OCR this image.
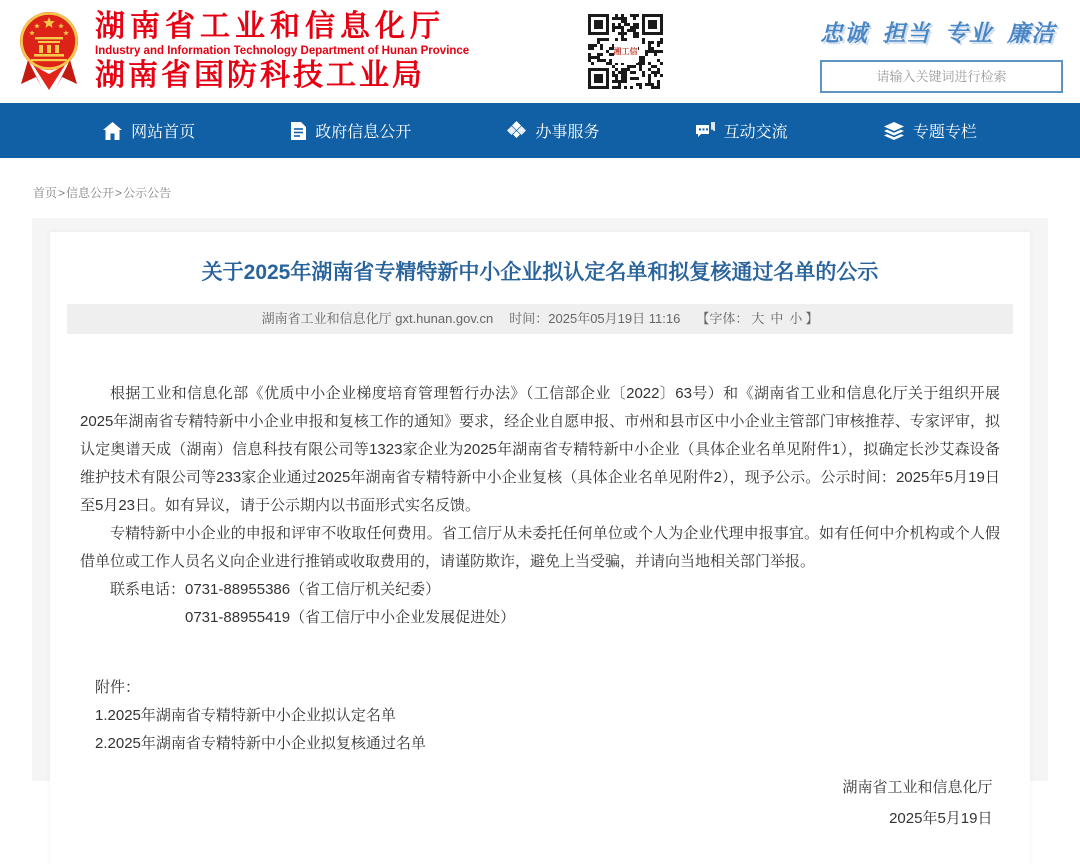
湖南省工业和信息化厅
Industry and Information Technology Department of Hunan Province
湖南省国防科技工业局
湘工信
忠诚 担当 专业 廉洁
请输入关键词进行检索
网站首页	政府信息公开	办事服务	互动交流	专题专栏
首页>信息公开>公示公告
关于2025年湖南省专精特新中小企业拟认定名单和拟复核通过名单的公示
湖南省工业和信息化厅 gxt.hunan.gov.cn 时间：2025年05月19日 11:16 【字体： 大 中 小 】

根据工业和信息化部《优质中小企业梯度培育管理暂行办法》（工信部企业〔2022〕63号）和《湖南省工业和信息化厅关于组织开展2025年湖南省专精特新中小企业申报和复核工作的通知》要求，经企业自愿申报、市州和县市区中小企业主管部门审核推荐、专家评审，拟认定奥谱天成（湖南）信息科技有限公司等1323家企业为2025年湖南省专精特新中小企业（具体企业名单见附件1），拟确定长沙艾森设备维护技术有限公司等233家企业通过2025年湖南省专精特新中小企业复核（具体企业名单见附件2），现予公示。公示时间：2025年5月19日至5月23日。如有异议，请于公示期内以书面形式实名反馈。

专精特新中小企业的申报和评审不收取任何费用。省工信厅从未委托任何单位或个人为企业代理申报事宜。如有任何中介机构或个人假借单位或工作人员名义向企业进行推销或收取费用的，请谨防欺诈，避免上当受骗，并请向当地相关部门举报。

联系电话：0731-88955386（省工信厅机关纪委）

0731-88955419（省工信厅中小企业发展促进处）

附件：

1.2025年湖南省专精特新中小企业拟认定名单

2.2025年湖南省专精特新中小企业拟复核通过名单

湖南省工业和信息化厅

2025年5月19日
